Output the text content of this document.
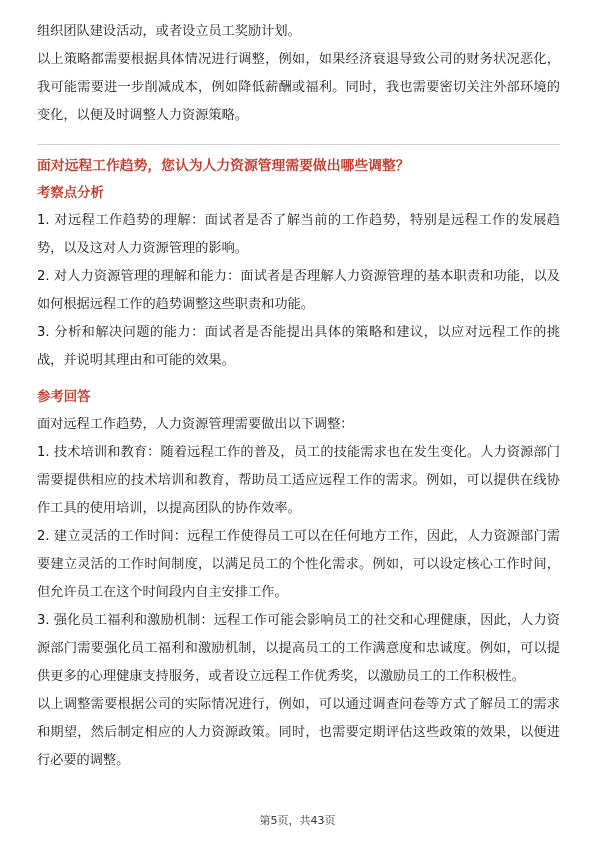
组织团队建设活动，或者设立员工奖励计划。

以上策略都需要根据具体情况进行调整，例如，如果经济衰退导致公司的财务状况恶化，我可能需要进一步削减成本，例如降低薪酬或福利。同时，我也需要密切关注外部环境的变化，以便及时调整人力资源策略。

面对远程工作趋势，您认为人力资源管理需要做出哪些调整？

考察点分析

1. 对远程工作趋势的理解：面试者是否了解当前的工作趋势，特别是远程工作的发展趋势，以及这对人力资源管理的影响。

2. 对人力资源管理的理解和能力：面试者是否理解人力资源管理的基本职责和功能，以及如何根据远程工作的趋势调整这些职责和功能。

3. 分析和解决问题的能力：面试者是否能提出具体的策略和建议，以应对远程工作的挑战，并说明其理由和可能的效果。

参考回答

面对远程工作趋势，人力资源管理需要做出以下调整：

1. 技术培训和教育：随着远程工作的普及，员工的技能需求也在发生变化。人力资源部门需要提供相应的技术培训和教育，帮助员工适应远程工作的需求。例如，可以提供在线协作工具的使用培训，以提高团队的协作效率。

2. 建立灵活的工作时间：远程工作使得员工可以在任何地方工作，因此，人力资源部门需要建立灵活的工作时间制度，以满足员工的个性化需求。例如，可以设定核心工作时间，但允许员工在这个时间段内自主安排工作。

3. 强化员工福利和激励机制：远程工作可能会影响员工的社交和心理健康，因此，人力资源部门需要强化员工福利和激励机制，以提高员工的工作满意度和忠诚度。例如，可以提供更多的心理健康支持服务，或者设立远程工作优秀奖，以激励员工的工作积极性。

以上调整需要根据公司的实际情况进行，例如，可以通过调查问卷等方式了解员工的需求和期望，然后制定相应的人力资源政策。同时，也需要定期评估这些政策的效果，以便进行必要的调整。

第5页，共43页
